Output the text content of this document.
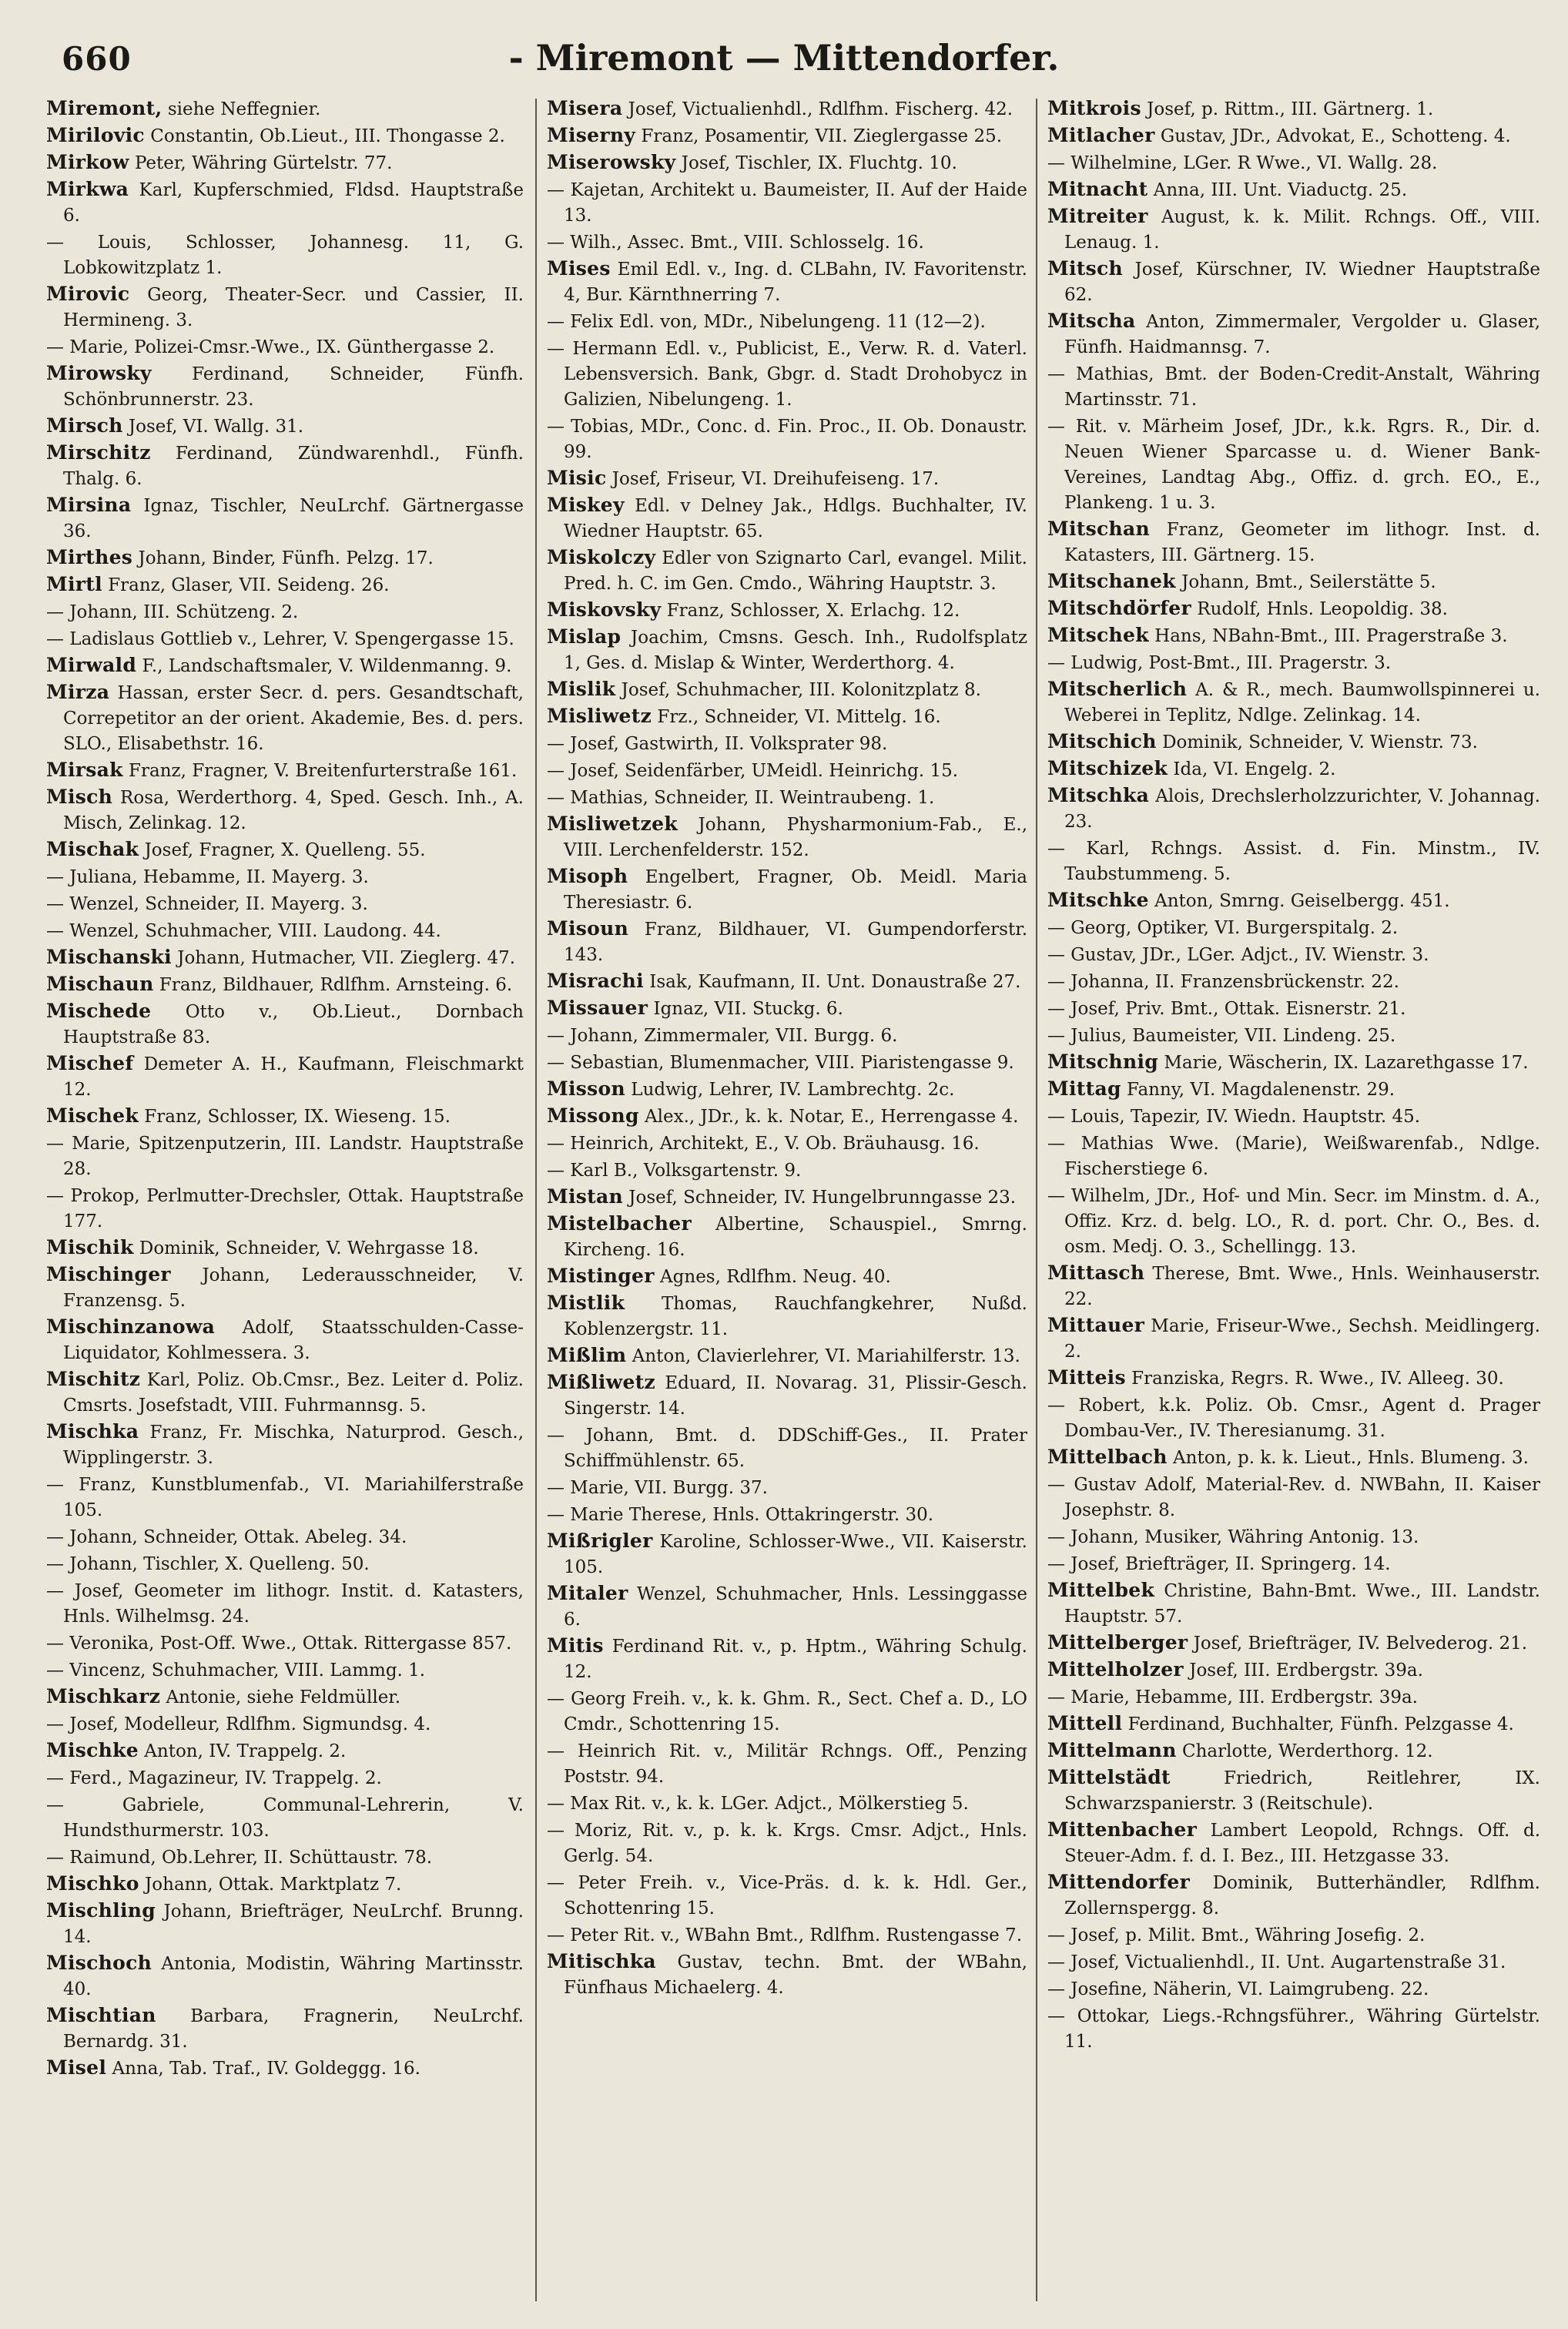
660	- Miremont — Mittendorfer.

Miremont, siehe Neffegnier.

Mirilovic Constantin, Ob.Lieut., III. Thongasse 2.

Mirkow Peter, Währing Gürtelstr. 77.

Mirkwa Karl, Kupferschmied, Fldsd. Hauptstraße 6.

— Louis, Schlosser, Johannesg. 11, G. Lobkowitzplatz 1.

Mirovic Georg, Theater-Secr. und Cassier, II. Hermineng. 3.

— Marie, Polizei-Cmsr.-Wwe., IX. Günthergasse 2.

Mirowsky Ferdinand, Schneider, Fünfh. Schönbrunnerstr. 23.

Mirsch Josef, VI. Wallg. 31.

Mirschitz Ferdinand, Zündwarenhdl., Fünfh. Thalg. 6.

Mirsina Ignaz, Tischler, NeuLrchf. Gärtnergasse 36.

Mirthes Johann, Binder, Fünfh. Pelzg. 17.

Mirtl Franz, Glaser, VII. Seideng. 26.

— Johann, III. Schützeng. 2.

— Ladislaus Gottlieb v., Lehrer, V. Spengergasse 15.

Mirwald F., Landschaftsmaler, V. Wildenmanng. 9.

Mirza Hassan, erster Secr. d. pers. Gesandtschaft, Correpetitor an der orient. Akademie, Bes. d. pers. SLO., Elisabethstr. 16.

Mirsak Franz, Fragner, V. Breitenfurterstraße 161.

Misch Rosa, Werderthorg. 4, Sped. Gesch. Inh., A. Misch, Zelinkag. 12.

Mischak Josef, Fragner, X. Quelleng. 55.

— Juliana, Hebamme, II. Mayerg. 3.

— Wenzel, Schneider, II. Mayerg. 3.

— Wenzel, Schuhmacher, VIII. Laudong. 44.

Mischanski Johann, Hutmacher, VII. Zieglerg. 47.

Mischaun Franz, Bildhauer, Rdlfhm. Arnsteing. 6.

Mischede Otto v., Ob.Lieut., Dornbach Hauptstraße 83.

Mischef Demeter A. H., Kaufmann, Fleischmarkt 12.

Mischek Franz, Schlosser, IX. Wieseng. 15.

— Marie, Spitzenputzerin, III. Landstr. Hauptstraße 28.

— Prokop, Perlmutter-Drechsler, Ottak. Hauptstraße 177.

Mischik Dominik, Schneider, V. Wehrgasse 18.

Mischinger Johann, Lederausschneider, V. Franzensg. 5.

Mischinzanowa Adolf, Staatsschulden-Casse-Liquidator, Kohlmessera. 3.

Mischitz Karl, Poliz. Ob.Cmsr., Bez. Leiter d. Poliz. Cmsrts. Josefstadt, VIII. Fuhrmannsg. 5.

Mischka Franz, Fr. Mischka, Naturprod. Gesch., Wipplingerstr. 3.

— Franz, Kunstblumenfab., VI. Mariahilferstraße 105.

— Johann, Schneider, Ottak. Abeleg. 34.

— Johann, Tischler, X. Quelleng. 50.

— Josef, Geometer im lithogr. Instit. d. Katasters, Hnls. Wilhelmsg. 24.

— Veronika, Post-Off. Wwe., Ottak. Rittergasse 857.

— Vincenz, Schuhmacher, VIII. Lammg. 1.

Mischkarz Antonie, siehe Feldmüller.

— Josef, Modelleur, Rdlfhm. Sigmundsg. 4.

Mischke Anton, IV. Trappelg. 2.

— Ferd., Magazineur, IV. Trappelg. 2.

— Gabriele, Communal-Lehrerin, V. Hundsthurmerstr. 103.

— Raimund, Ob.Lehrer, II. Schüttaustr. 78.

Mischko Johann, Ottak. Marktplatz 7.

Mischling Johann, Briefträger, NeuLrchf. Brunng. 14.

Mischoch Antonia, Modistin, Währing Martinsstr. 40.

Mischtian Barbara, Fragnerin, NeuLrchf. Bernardg. 31.

Misel Anna, Tab. Traf., IV. Goldeggg. 16.

Misera Josef, Victualienhdl., Rdlfhm. Fischerg. 42.

Miserny Franz, Posamentir, VII. Zieglergasse 25.

Miserowsky Josef, Tischler, IX. Fluchtg. 10.

— Kajetan, Architekt u. Baumeister, II. Auf der Haide 13.

— Wilh., Assec. Bmt., VIII. Schlosselg. 16.

Mises Emil Edl. v., Ing. d. CLBahn, IV. Favoritenstr. 4, Bur. Kärnthnerring 7.

— Felix Edl. von, MDr., Nibelungeng. 11 (12—2).

— Hermann Edl. v., Publicist, E., Verw. R. d. Vaterl. Lebensversich. Bank, Gbgr. d. Stadt Drohobycz in Galizien, Nibelungeng. 1.

— Tobias, MDr., Conc. d. Fin. Proc., II. Ob. Donaustr. 99.

Misic Josef, Friseur, VI. Dreihufeiseng. 17.

Miskey Edl. v Delney Jak., Hdlgs. Buchhalter, IV. Wiedner Hauptstr. 65.

Miskolczy Edler von Szignarto Carl, evangel. Milit. Pred. h. C. im Gen. Cmdo., Währing Hauptstr. 3.

Miskovsky Franz, Schlosser, X. Erlachg. 12.

Mislap Joachim, Cmsns. Gesch. Inh., Rudolfsplatz 1, Ges. d. Mislap & Winter, Werderthorg. 4.

Mislik Josef, Schuhmacher, III. Kolonitzplatz 8.

Misliwetz Frz., Schneider, VI. Mittelg. 16.

— Josef, Gastwirth, II. Volksprater 98.

— Josef, Seidenfärber, UMeidl. Heinrichg. 15.

— Mathias, Schneider, II. Weintraubeng. 1.

Misliwetzek Johann, Physharmonium-Fab., E., VIII. Lerchenfelderstr. 152.

Misoph Engelbert, Fragner, Ob. Meidl. Maria Theresiastr. 6.

Misoun Franz, Bildhauer, VI. Gumpendorferstr. 143.

Misrachi Isak, Kaufmann, II. Unt. Donaustraße 27.

Missauer Ignaz, VII. Stuckg. 6.

— Johann, Zimmermaler, VII. Burgg. 6.

— Sebastian, Blumenmacher, VIII. Piaristengasse 9.

Misson Ludwig, Lehrer, IV. Lambrechtg. 2c.

Missong Alex., JDr., k. k. Notar, E., Herrengasse 4.

— Heinrich, Architekt, E., V. Ob. Bräuhausg. 16.

— Karl B., Volksgartenstr. 9.

Mistan Josef, Schneider, IV. Hungelbrunngasse 23.

Mistelbacher Albertine, Schauspiel., Smrng. Kircheng. 16.

Mistinger Agnes, Rdlfhm. Neug. 40.

Mistlik Thomas, Rauchfangkehrer, Nußd. Koblenzergstr. 11.

Mißlim Anton, Clavierlehrer, VI. Mariahilferstr. 13.

Mißliwetz Eduard, II. Novarag. 31, Plissir-Gesch. Singerstr. 14.

— Johann, Bmt. d. DDSchiff-Ges., II. Prater Schiffmühlenstr. 65.

— Marie, VII. Burgg. 37.

— Marie Therese, Hnls. Ottakringerstr. 30.

Mißrigler Karoline, Schlosser-Wwe., VII. Kaiserstr. 105.

Mitaler Wenzel, Schuhmacher, Hnls. Lessinggasse 6.

Mitis Ferdinand Rit. v., p. Hptm., Währing Schulg. 12.

— Georg Freih. v., k. k. Ghm. R., Sect. Chef a. D., LO Cmdr., Schottenring 15.

— Heinrich Rit. v., Militär Rchngs. Off., Penzing Poststr. 94.

— Max Rit. v., k. k. LGer. Adjct., Mölkerstieg 5.

— Moriz, Rit. v., p. k. k. Krgs. Cmsr. Adjct., Hnls. Gerlg. 54.

— Peter Freih. v., Vice-Präs. d. k. k. Hdl. Ger., Schottenring 15.

— Peter Rit. v., WBahn Bmt., Rdlfhm. Rustengasse 7.

Mitischka Gustav, techn. Bmt. der WBahn, Fünfhaus Michaelerg. 4.

Mitkrois Josef, p. Rittm., III. Gärtnerg. 1.

Mitlacher Gustav, JDr., Advokat, E., Schotteng. 4.

— Wilhelmine, LGer. R Wwe., VI. Wallg. 28.

Mitnacht Anna, III. Unt. Viaductg. 25.

Mitreiter August, k. k. Milit. Rchngs. Off., VIII. Lenaug. 1.

Mitsch Josef, Kürschner, IV. Wiedner Hauptstraße 62.

Mitscha Anton, Zimmermaler, Vergolder u. Glaser, Fünfh. Haidmannsg. 7.

— Mathias, Bmt. der Boden-Credit-Anstalt, Währing Martinsstr. 71.

— Rit. v. Märheim Josef, JDr., k.k. Rgrs. R., Dir. d. Neuen Wiener Sparcasse u. d. Wiener Bank-Vereines, Landtag Abg., Offiz. d. grch. EO., E., Plankeng. 1 u. 3.

Mitschan Franz, Geometer im lithogr. Inst. d. Katasters, III. Gärtnerg. 15.

Mitschanek Johann, Bmt., Seilerstätte 5.

Mitschdörfer Rudolf, Hnls. Leopoldig. 38.

Mitschek Hans, NBahn-Bmt., III. Pragerstraße 3.

— Ludwig, Post-Bmt., III. Pragerstr. 3.

Mitscherlich A. & R., mech. Baumwollspinnerei u. Weberei in Teplitz, Ndlge. Zelinkag. 14.

Mitschich Dominik, Schneider, V. Wienstr. 73.

Mitschizek Ida, VI. Engelg. 2.

Mitschka Alois, Drechslerholzzurichter, V. Johannag. 23.

— Karl, Rchngs. Assist. d. Fin. Minstm., IV. Taubstummeng. 5.

Mitschke Anton, Smrng. Geiselbergg. 451.

— Georg, Optiker, VI. Burgerspitalg. 2.

— Gustav, JDr., LGer. Adjct., IV. Wienstr. 3.

— Johanna, II. Franzensbrückenstr. 22.

— Josef, Priv. Bmt., Ottak. Eisnerstr. 21.

— Julius, Baumeister, VII. Lindeng. 25.

Mitschnig Marie, Wäscherin, IX. Lazarethgasse 17.

Mittag Fanny, VI. Magdalenenstr. 29.

— Louis, Tapezir, IV. Wiedn. Hauptstr. 45.

— Mathias Wwe. (Marie), Weißwarenfab., Ndlge. Fischerstiege 6.

— Wilhelm, JDr., Hof- und Min. Secr. im Minstm. d. A., Offiz. Krz. d. belg. LO., R. d. port. Chr. O., Bes. d. osm. Medj. O. 3., Schellingg. 13.

Mittasch Therese, Bmt. Wwe., Hnls. Weinhauserstr. 22.

Mittauer Marie, Friseur-Wwe., Sechsh. Meidlingerg. 2.

Mitteis Franziska, Regrs. R. Wwe., IV. Alleeg. 30.

— Robert, k.k. Poliz. Ob. Cmsr., Agent d. Prager Dombau-Ver., IV. Theresianumg. 31.

Mittelbach Anton, p. k. k. Lieut., Hnls. Blumeng. 3.

— Gustav Adolf, Material-Rev. d. NWBahn, II. Kaiser Josephstr. 8.

— Johann, Musiker, Währing Antonig. 13.

— Josef, Briefträger, II. Springerg. 14.

Mittelbek Christine, Bahn-Bmt. Wwe., III. Landstr. Hauptstr. 57.

Mittelberger Josef, Briefträger, IV. Belvederog. 21.

Mittelholzer Josef, III. Erdbergstr. 39a.

— Marie, Hebamme, III. Erdbergstr. 39a.

Mittell Ferdinand, Buchhalter, Fünfh. Pelzgasse 4.

Mittelmann Charlotte, Werderthorg. 12.

Mittelstädt Friedrich, Reitlehrer, IX. Schwarzspanierstr. 3 (Reitschule).

Mittenbacher Lambert Leopold, Rchngs. Off. d. Steuer-Adm. f. d. I. Bez., III. Hetzgasse 33.

Mittendorfer Dominik, Butterhändler, Rdlfhm. Zollernspergg. 8.

— Josef, p. Milit. Bmt., Währing Josefig. 2.

— Josef, Victualienhdl., II. Unt. Augartenstraße 31.

— Josefine, Näherin, VI. Laimgrubeng. 22.

— Ottokar, Liegs.-Rchngsführer., Währing Gürtelstr. 11.
